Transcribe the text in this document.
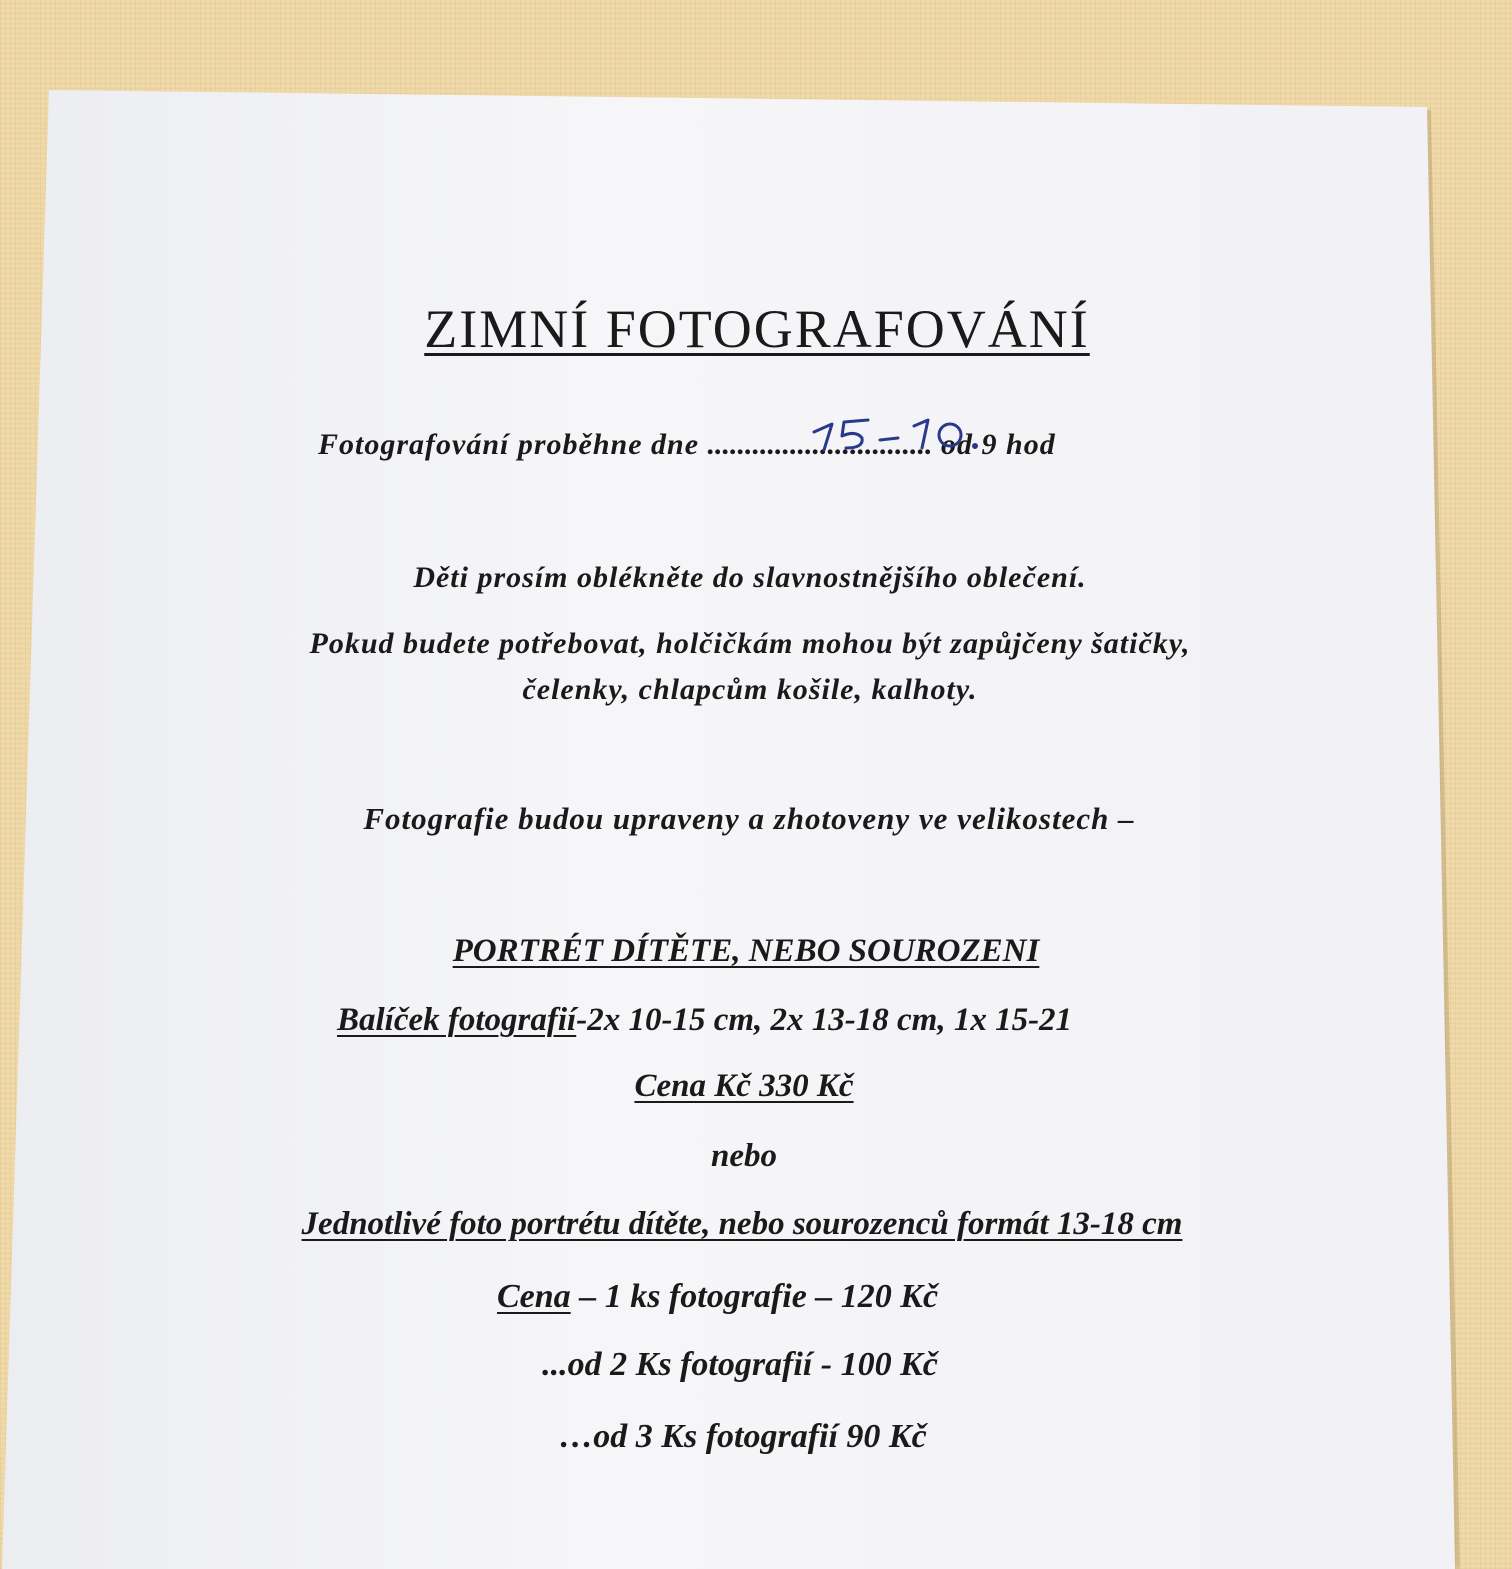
ZIMNÍ FOTOGRAFOVÁNÍ
Fotografování proběhne dne .............................. od 9 hod
Děti prosím oblékněte do slavnostnějšího oblečení.
Pokud budete potřebovat, holčičkám mohou být zapůjčeny šatičky,
čelenky, chlapcům košile, kalhoty.
Fotografie budou upraveny a zhotoveny ve velikostech –
PORTRÉT DÍTĚTE, NEBO SOUROZENI
Balíček fotografií-2x 10-15 cm, 2x 13-18 cm, 1x 15-21
Cena Kč 330 Kč
nebo
Jednotlivé foto portrétu dítěte, nebo sourozenců formát 13-18 cm
Cena – 1 ks fotografie – 120 Kč
...od 2 Ks fotografií - 100 Kč
…od 3 Ks fotografií 90 Kč
